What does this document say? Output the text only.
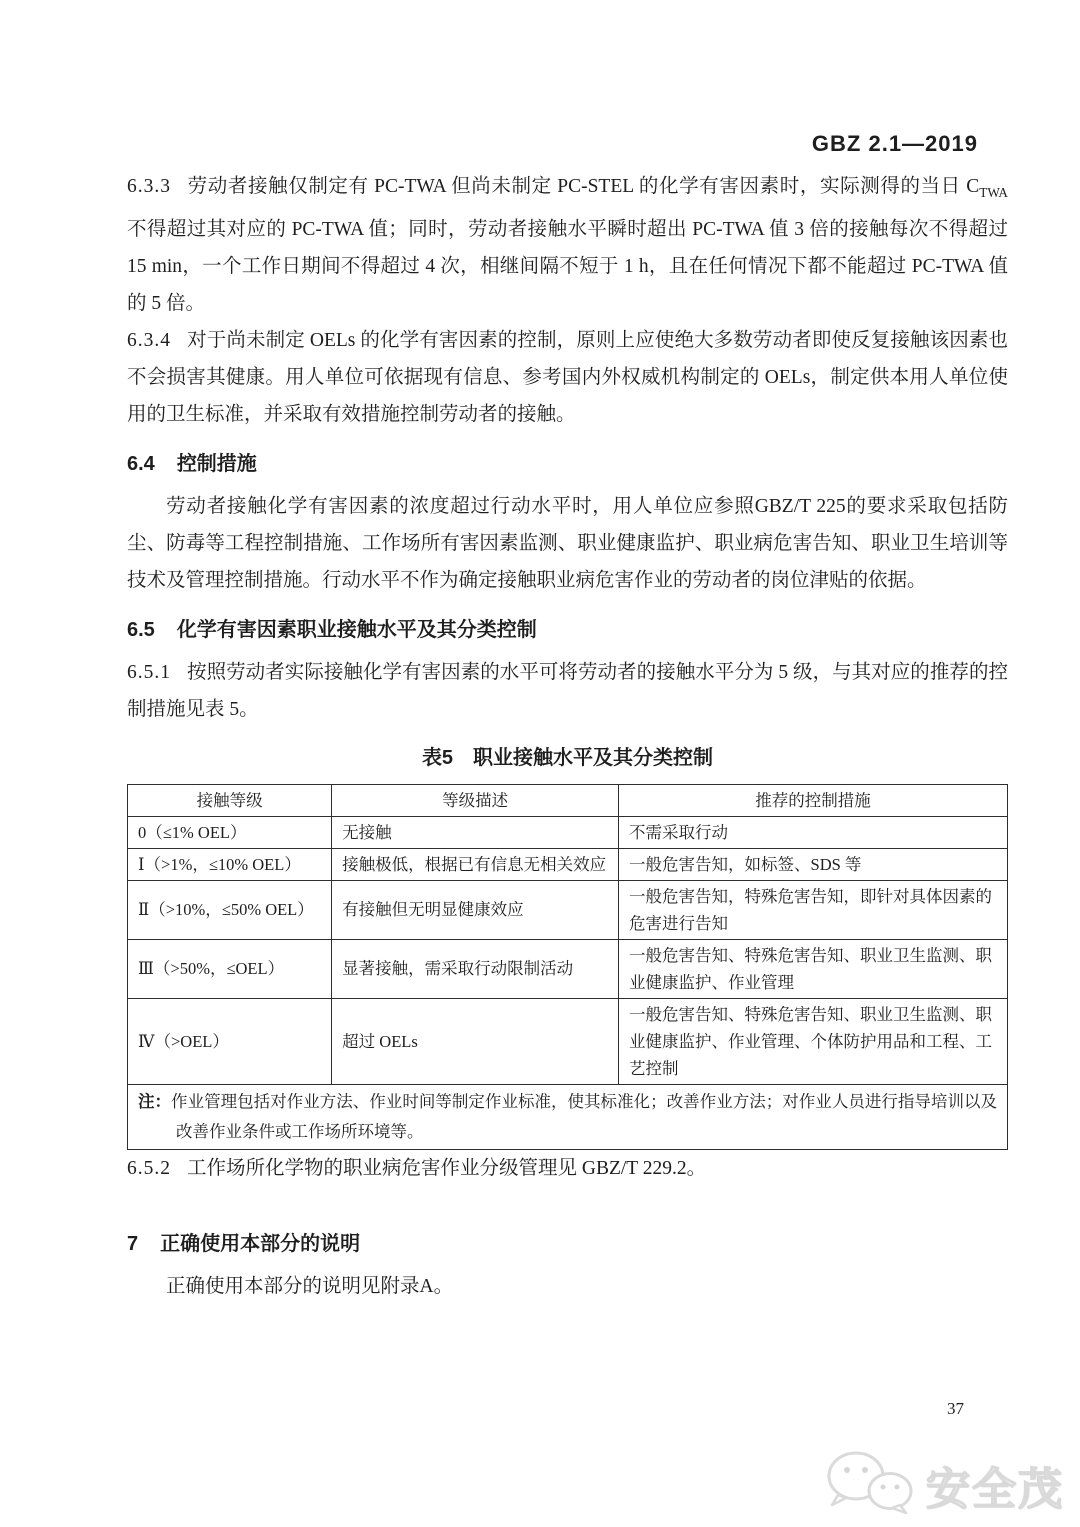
GBZ 2.1—2019

6.3.3 劳动者接触仅制定有 PC-TWA 但尚未制定 PC-STEL 的化学有害因素时，实际测得的当日 $C_{TWA}$ 不得超过其对应的 PC-TWA 值；同时，劳动者接触水平瞬时超出 PC-TWA 值 3 倍的接触每次不得超过 15 min，一个工作日期间不得超过 4 次，相继间隔不短于 1 h，且在任何情况下都不能超过 PC-TWA 值的 5 倍。

6.3.4 对于尚未制定 OELs 的化学有害因素的控制，原则上应使绝大多数劳动者即使反复接触该因素也不会损害其健康。用人单位可依据现有信息、参考国内外权威机构制定的 OELs，制定供本用人单位使用的卫生标准，并采取有效措施控制劳动者的接触。

6.4 控制措施

劳动者接触化学有害因素的浓度超过行动水平时，用人单位应参照GBZ/T 225的要求采取包括防尘、防毒等工程控制措施、工作场所有害因素监测、职业健康监护、职业病危害告知、职业卫生培训等技术及管理控制措施。行动水平不作为确定接触职业病危害作业的劳动者的岗位津贴的依据。

6.5 化学有害因素职业接触水平及其分类控制

6.5.1 按照劳动者实际接触化学有害因素的水平可将劳动者的接触水平分为 5 级，与其对应的推荐的控制措施见表 5。

表5　职业接触水平及其分类控制
接触等级	等级描述	推荐的控制措施
0（≤1% OEL）	无接触	不需采取行动
Ⅰ（>1%，≤10% OEL）	接触极低，根据已有信息无相关效应	一般危害告知，如标签、SDS 等
Ⅱ（>10%，≤50% OEL）	有接触但无明显健康效应	一般危害告知，特殊危害告知，即针对具体因素的危害进行告知
Ⅲ（>50%，≤OEL）	显著接触，需采取行动限制活动	一般危害告知、特殊危害告知、职业卫生监测、职业健康监护、作业管理
Ⅳ（>OEL）	超过 OELs	一般危害告知、特殊危害告知、职业卫生监测、职业健康监护、作业管理、个体防护用品和工程、工艺控制

注：作业管理包括对作业方法、作业时间等制定作业标准，使其标准化；改善作业方法；对作业人员进行指导培训以及改善作业条件或工作场所环境等。		

6.5.2 工作场所化学物的职业病危害作业分级管理见 GBZ/T 229.2。

7 正确使用本部分的说明

正确使用本部分的说明见附录A。

37
安全茂
